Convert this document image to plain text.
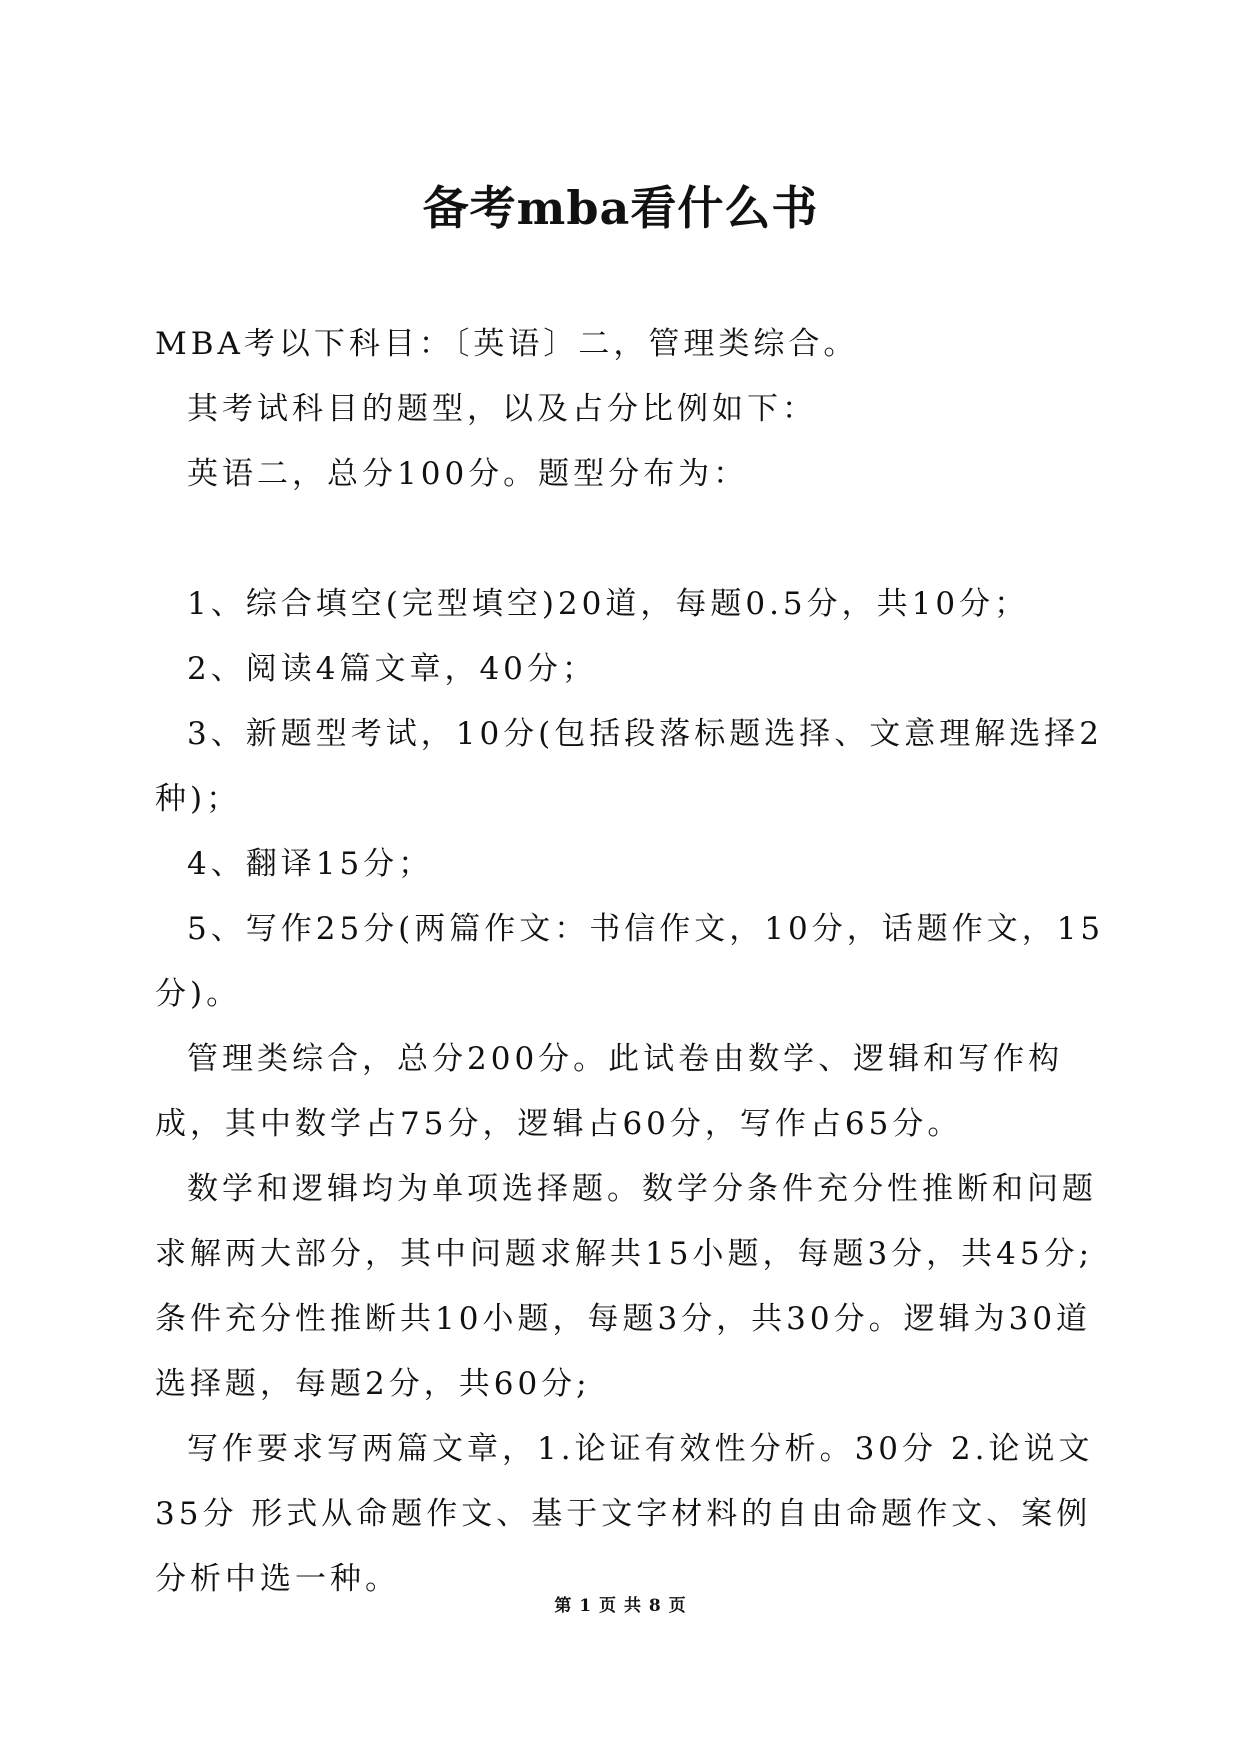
备考mba看什么书

MBA考以下科目：〔英语〕二，管理类综合。

其考试科目的题型，以及占分比例如下：

英语二，总分100分。题型分布为：

1、综合填空(完型填空)20道，每题0.5分，共10分；

2、阅读4篇文章，40分；

3、新题型考试，10分(包括段落标题选择、文意理解选择2种)；

4、翻译15分；

5、写作25分(两篇作文：书信作文，10分，话题作文，15分)。

管理类综合，总分200分。此试卷由数学、逻辑和写作构成，其中数学占75分，逻辑占60分，写作占65分。

数学和逻辑均为单项选择题。数学分条件充分性推断和问题求解两大部分，其中问题求解共15小题，每题3分，共45分;条件充分性推断共10小题，每题3分，共30分。逻辑为30道选择题，每题2分，共60分;

写作要求写两篇文章，1.论证有效性分析。30分 2.论说文 35分 形式从命题作文、基于文字材料的自由命题作文、案例分析中选一种。

第 1 页 共 8 页
